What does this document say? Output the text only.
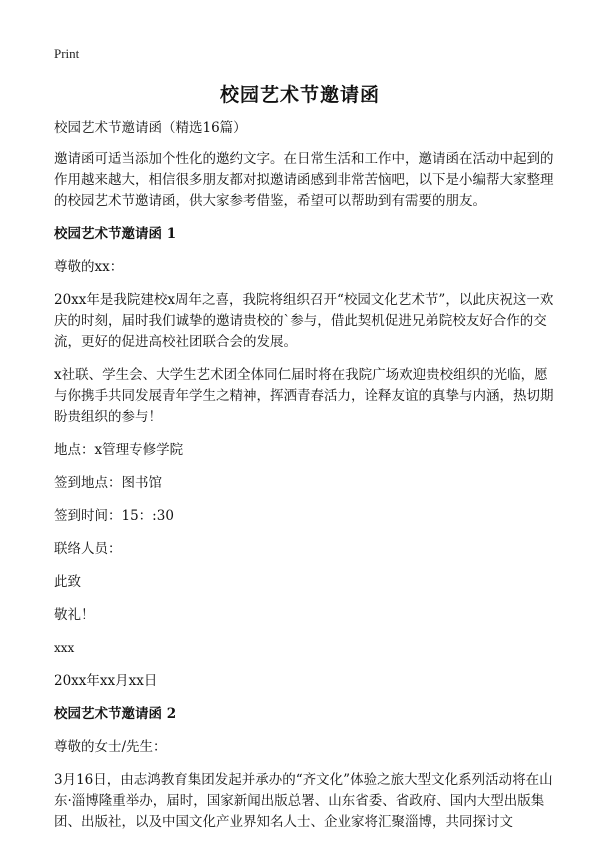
Print
校园艺术节邀请函

校园艺术节邀请函（精选16篇）

邀请函可适当添加个性化的邀约文字。在日常生活和工作中，邀请函在活动中起到的作用越来越大，相信很多朋友都对拟邀请函感到非常苦恼吧，以下是小编帮大家整理的校园艺术节邀请函，供大家参考借鉴，希望可以帮助到有需要的朋友。

校园艺术节邀请函 1

尊敬的xx：

20xx年是我院建校x周年之喜，我院将组织召开“校园文化艺术节”，以此庆祝这一欢庆的时刻，届时我们诚挚的邀请贵校的`参与，借此契机促进兄弟院校友好合作的交流，更好的促进高校社团联合会的发展。

x社联、学生会、大学生艺术团全体同仁届时将在我院广场欢迎贵校组织的光临，愿与你携手共同发展青年学生之精神，挥洒青春活力，诠释友谊的真挚与内涵，热切期盼贵组织的参与！

地点：x管理专修学院

签到地点：图书馆

签到时间：15：:30

联络人员：

此致

敬礼！

xxx

20xx年xx月xx日

校园艺术节邀请函 2

尊敬的女士/先生：

3月16日，由志鸿教育集团发起并承办的“齐文化”体验之旅大型文化系列活动将在山东·淄博隆重举办，届时，国家新闻出版总署、山东省委、省政府、国内大型出版集团、出版社，以及中国文化产业界知名人士、企业家将汇聚淄博，共同探讨文
